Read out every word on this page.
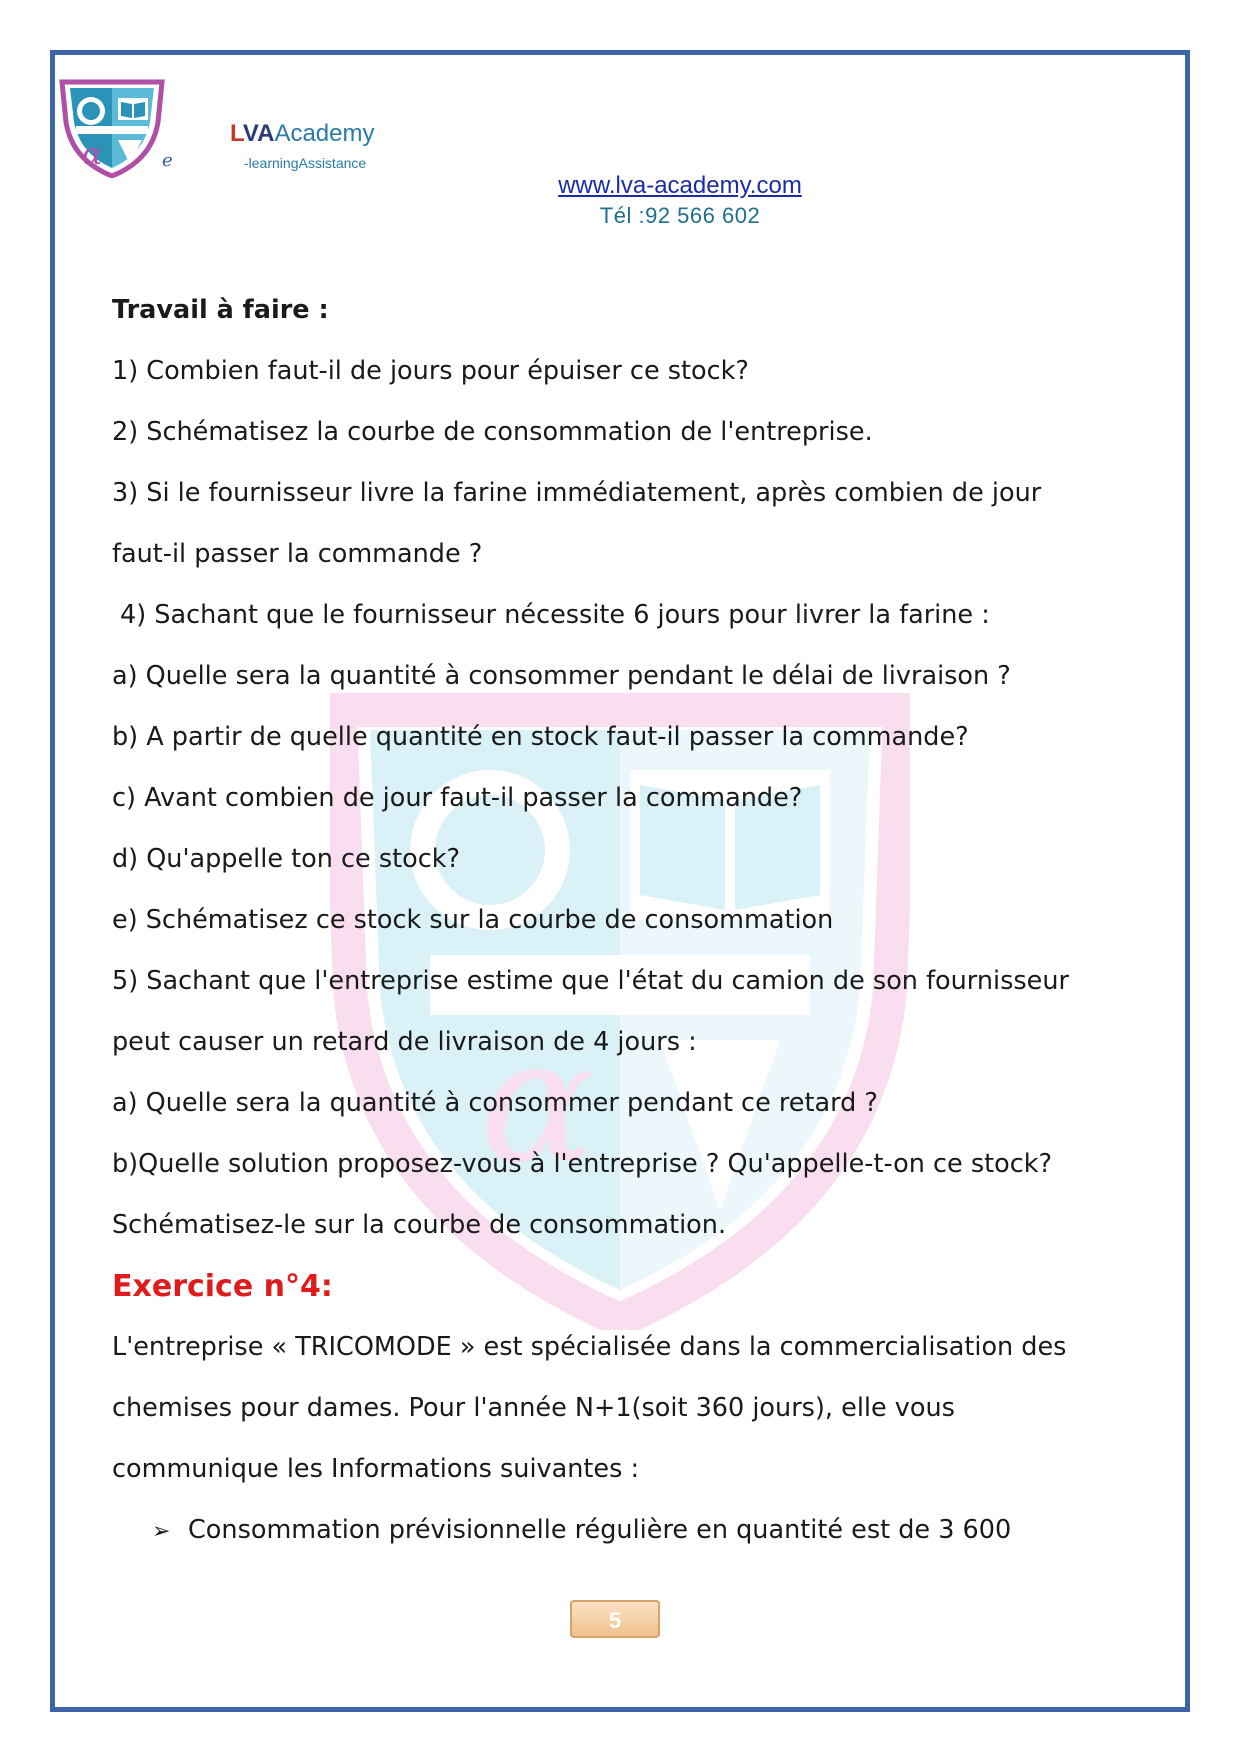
α
α	e
LVAAcademy
-learningAssistance
www.lva-academy.com
Tél :92 566 602

Travail à faire :

1) Combien faut-il de jours pour épuiser ce stock?

2) Schématisez la courbe de consommation de l'entreprise.

3) Si le fournisseur livre la farine immédiatement, après combien de jour

faut-il passer la commande ?

4) Sachant que le fournisseur nécessite 6 jours pour livrer la farine :

a) Quelle sera la quantité à consommer pendant le délai de livraison ?

b) A partir de quelle quantité en stock faut-il passer la commande?

c) Avant combien de jour faut-il passer la commande?

d) Qu'appelle ton ce stock?

e) Schématisez ce stock sur la courbe de consommation

5) Sachant que l'entreprise estime que l'état du camion de son fournisseur

peut causer un retard de livraison de 4 jours :

a) Quelle sera la quantité à consommer pendant ce retard ?

b)Quelle solution proposez-vous à l'entreprise ? Qu'appelle-t-on ce stock?

Schématisez-le sur la courbe de consommation.

Exercice n°4:

L'entreprise « TRICOMODE » est spécialisée dans la commercialisation des

chemises pour dames. Pour l'année N+1(soit 360 jours), elle vous

communique les Informations suivantes :

➢ Consommation prévisionnelle régulière en quantité est de 3 600

5
